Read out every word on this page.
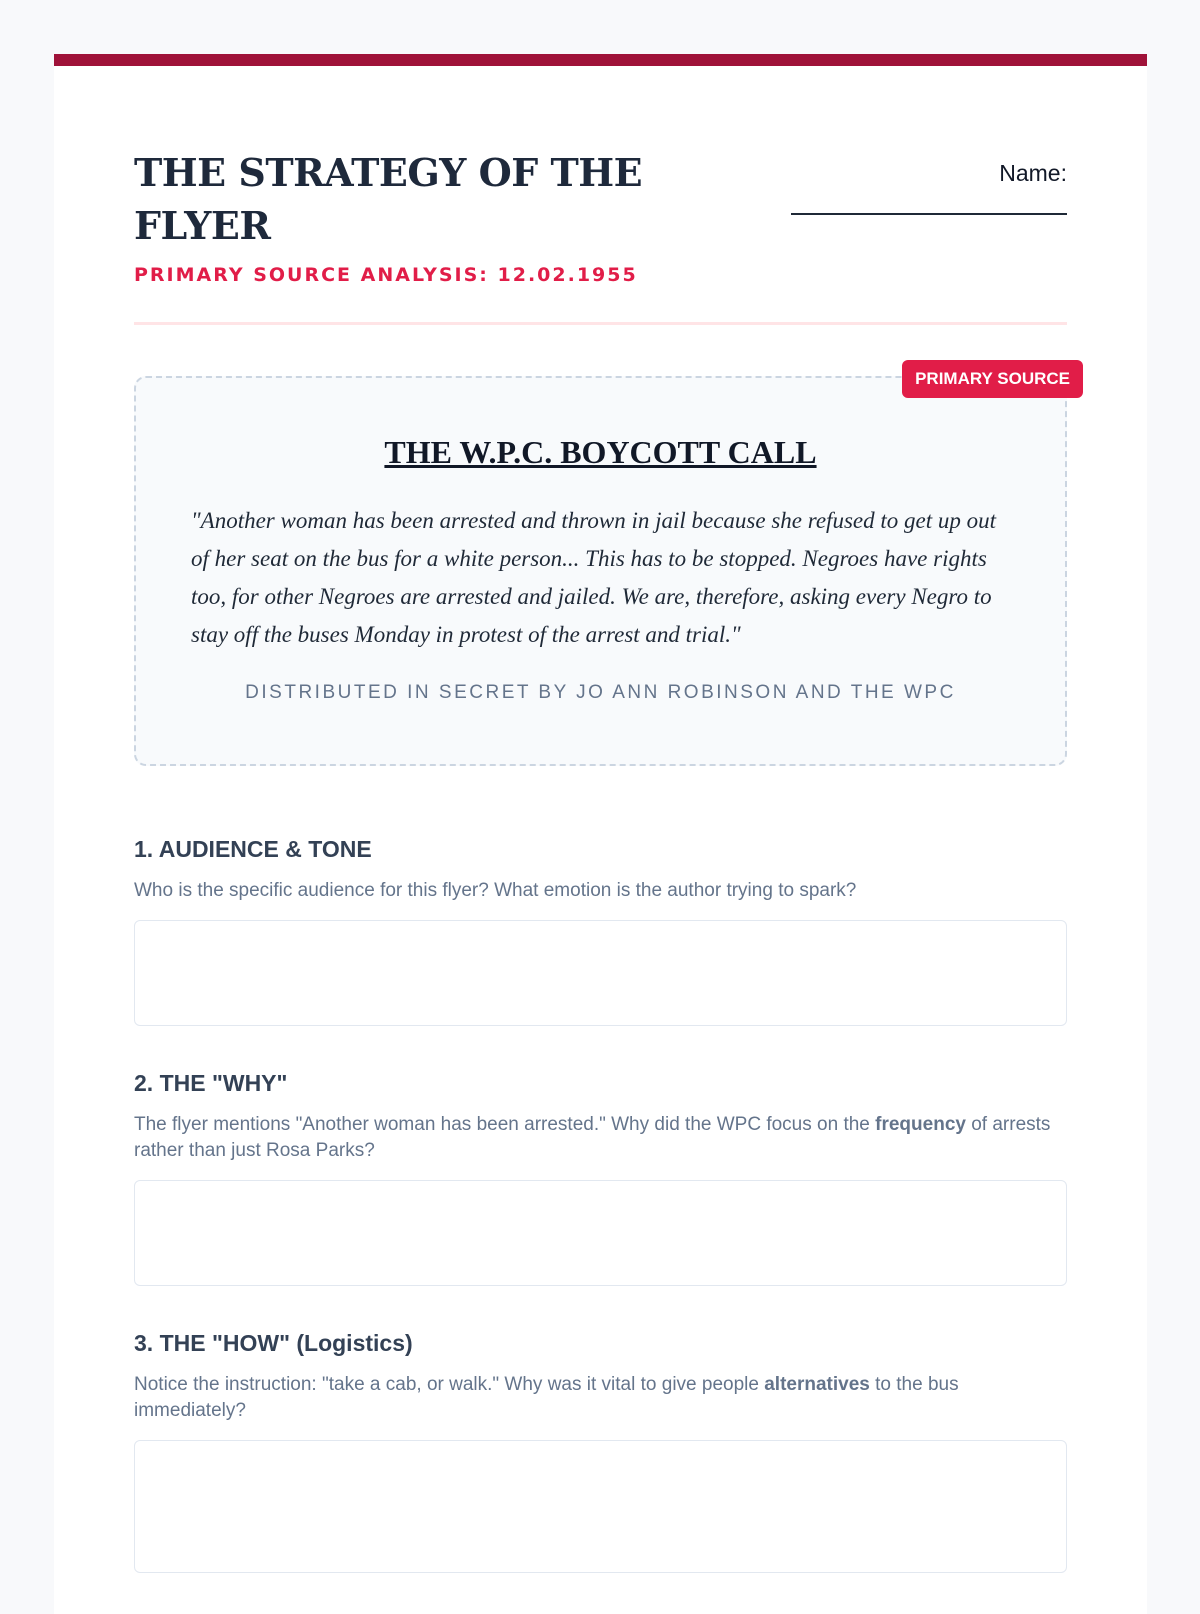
THE STRATEGY OF THE FLYER
PRIMARY SOURCE ANALYSIS: 12.02.1955
Name:
PRIMARY SOURCE
THE W.P.C. BOYCOTT CALL

"Another woman has been arrested and thrown in jail because she refused to get up out of her seat on the bus for a white person... This has to be stopped. Negroes have rights too, for other Negroes are arrested and jailed. We are, therefore, asking every Negro to stay off the buses Monday in protest of the arrest and trial."

DISTRIBUTED IN SECRET BY JO ANN ROBINSON AND THE WPC
1. AUDIENCE & TONE

Who is the specific audience for this flyer? What emotion is the author trying to spark?

2. THE "WHY"

The flyer mentions "Another woman has been arrested." Why did the WPC focus on the frequency of arrests rather than just Rosa Parks?

3. THE "HOW" (Logistics)

Notice the instruction: "take a cab, or walk." Why was it vital to give people alternatives to the bus immediately?
